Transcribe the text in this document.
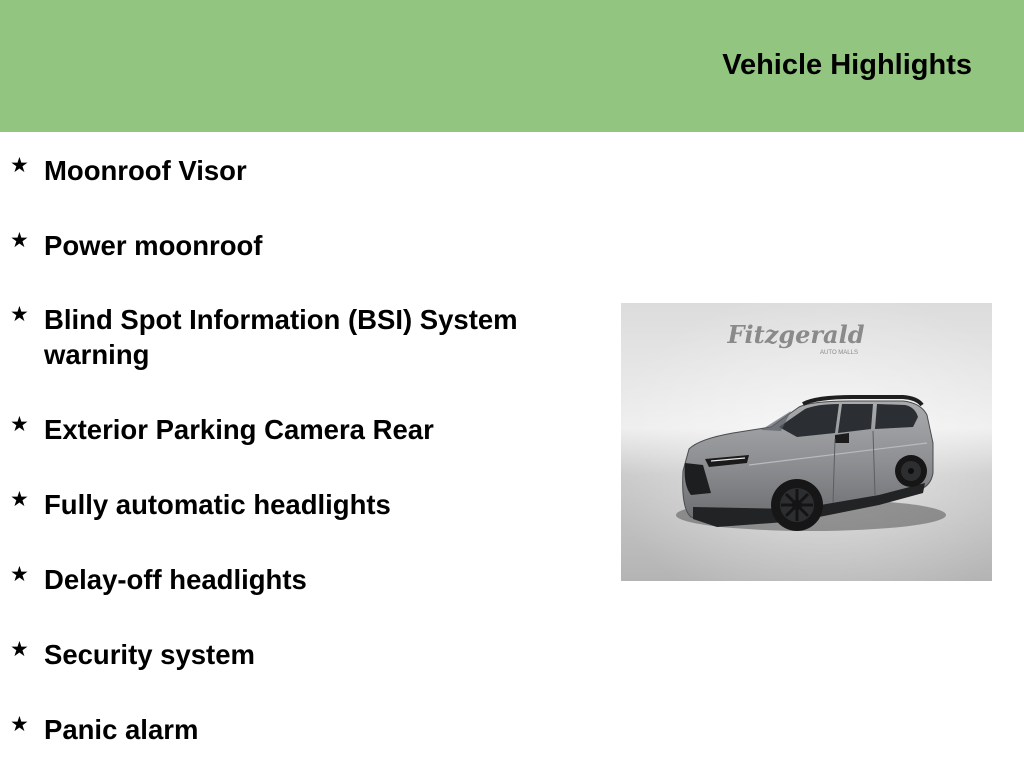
Vehicle Highlights
★ Moonroof Visor
★ Power moonroof
★ Blind Spot Information (BSI) System warning
★ Exterior Parking Camera Rear
★ Fully automatic headlights
★ Delay-off headlights
★ Security system
★ Panic alarm
Fitzgerald
AUTO MALLS
